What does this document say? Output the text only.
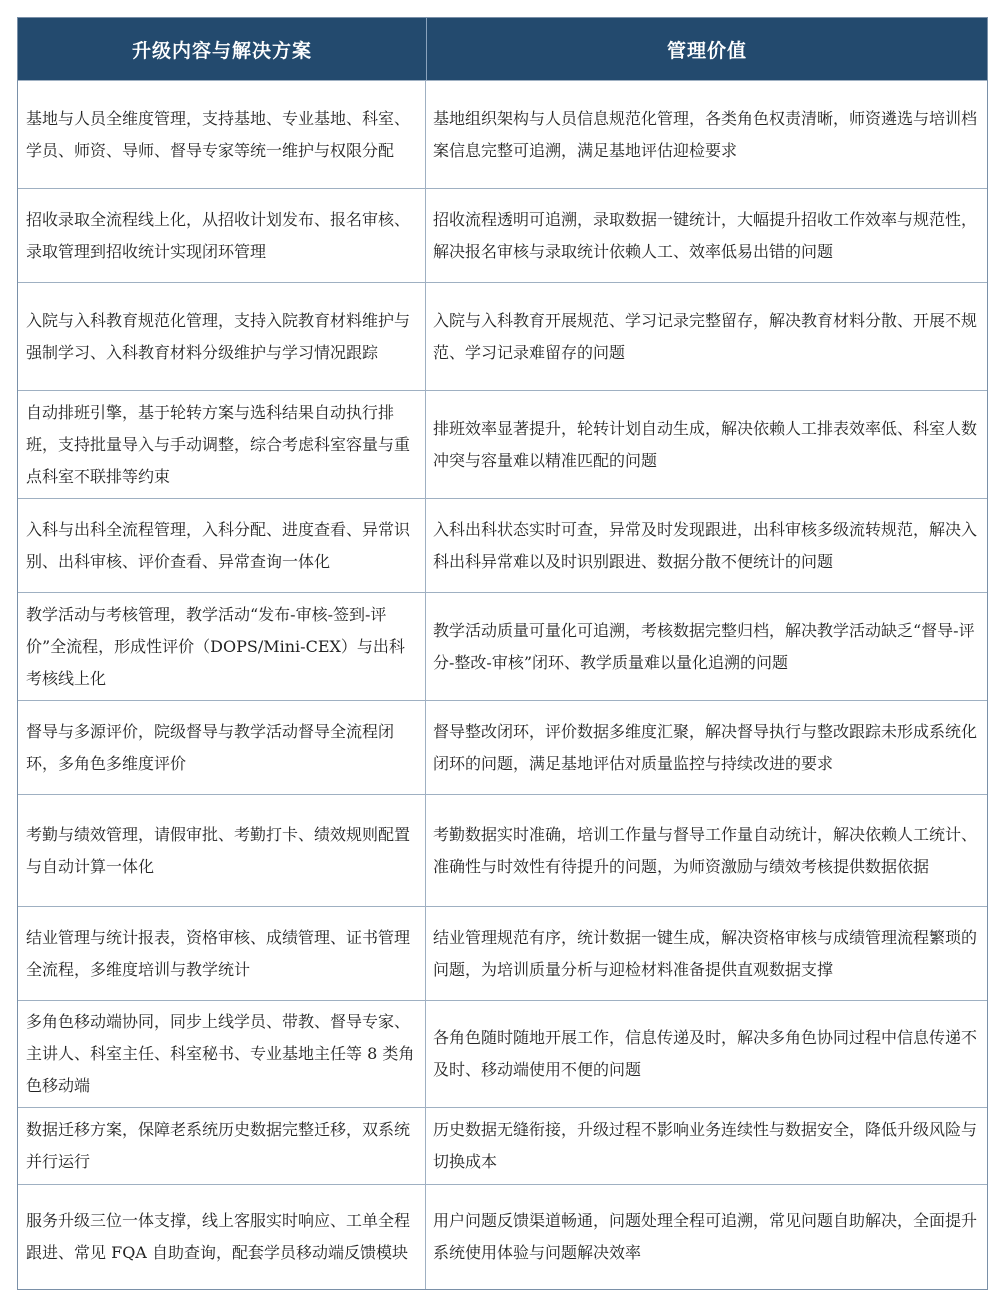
升级内容与解决方案	管理价值
基地与人员全维度管理，支持基地、专业基地、科室、学员、师资、导师、督导专家等统一维护与权限分配
基地组织架构与人员信息规范化管理，各类角色权责清晰，师资遴选与培训档案信息完整可追溯，满足基地评估迎检要求
招收录取全流程线上化，从招收计划发布、报名审核、录取管理到招收统计实现闭环管理
招收流程透明可追溯，录取数据一键统计，大幅提升招收工作效率与规范性，解决报名审核与录取统计依赖人工、效率低易出错的问题
入院与入科教育规范化管理，支持入院教育材料维护与强制学习、入科教育材料分级维护与学习情况跟踪
入院与入科教育开展规范、学习记录完整留存，解决教育材料分散、开展不规范、学习记录难留存的问题
自动排班引擎，基于轮转方案与选科结果自动执行排班，支持批量导入与手动调整，综合考虑科室容量与重点科室不联排等约束
排班效率显著提升，轮转计划自动生成，解决依赖人工排表效率低、科室人数冲突与容量难以精准匹配的问题
入科与出科全流程管理，入科分配、进度查看、异常识别、出科审核、评价查看、异常查询一体化
入科出科状态实时可查，异常及时发现跟进，出科审核多级流转规范，解决入科出科异常难以及时识别跟进、数据分散不便统计的问题
教学活动与考核管理，教学活动“发布-审核-签到-评价”全流程，形成性评价（DOPS/Mini-CEX）与出科考核线上化
教学活动质量可量化可追溯，考核数据完整归档，解决教学活动缺乏“督导-评分-整改-审核”闭环、教学质量难以量化追溯的问题
督导与多源评价，院级督导与教学活动督导全流程闭环，多角色多维度评价
督导整改闭环，评价数据多维度汇聚，解决督导执行与整改跟踪未形成系统化闭环的问题，满足基地评估对质量监控与持续改进的要求
考勤与绩效管理，请假审批、考勤打卡、绩效规则配置与自动计算一体化
考勤数据实时准确，培训工作量与督导工作量自动统计，解决依赖人工统计、准确性与时效性有待提升的问题，为师资激励与绩效考核提供数据依据
结业管理与统计报表，资格审核、成绩管理、证书管理全流程，多维度培训与教学统计
结业管理规范有序，统计数据一键生成，解决资格审核与成绩管理流程繁琐的问题，为培训质量分析与迎检材料准备提供直观数据支撑
多角色移动端协同，同步上线学员、带教、督导专家、主讲人、科室主任、科室秘书、专业基地主任等 8 类角色移动端
各角色随时随地开展工作，信息传递及时，解决多角色协同过程中信息传递不及时、移动端使用不便的问题
数据迁移方案，保障老系统历史数据完整迁移，双系统并行运行
历史数据无缝衔接，升级过程不影响业务连续性与数据安全，降低升级风险与切换成本
服务升级三位一体支撑，线上客服实时响应、工单全程跟进、常见 FQA 自助查询，配套学员移动端反馈模块
用户问题反馈渠道畅通，问题处理全程可追溯，常见问题自助解决，全面提升系统使用体验与问题解决效率
